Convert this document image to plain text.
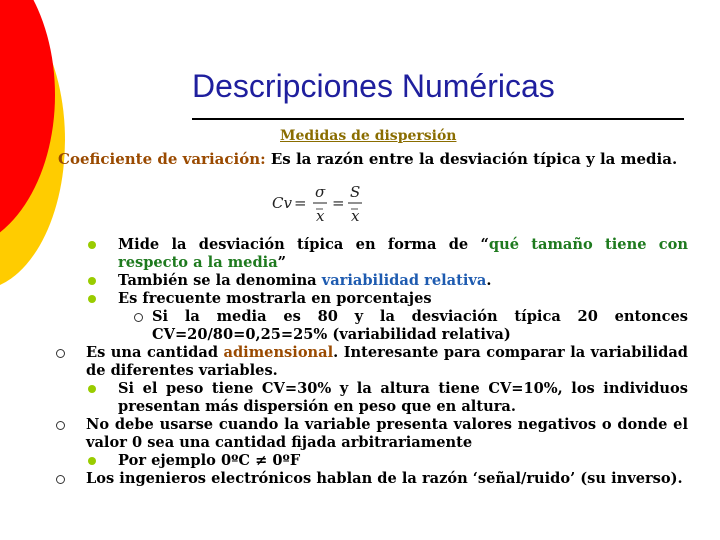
Descripciones Numéricas
Medidas de dispersión
Coeficiente de variación: Es la razón entre la desviación típica y la media.
Cv =
σ
x
=
S
x

Mide la desviación típica en forma de “qué tamaño tiene con respecto a la media”

También se la denomina variabilidad relativa.

Es frecuente mostrarla en porcentajes

Si la media es 80 y la desviación típica 20 entonces CV=20/80=0,25=25% (variabilidad relativa)

Es una cantidad adimensional. Interesante para comparar la variabilidad de diferentes variables.

Si el peso tiene CV=30% y la altura tiene CV=10%, los individuos presentan más dispersión en peso que en altura.

No debe usarse cuando la variable presenta valores negativos o donde el valor 0 sea una cantidad fijada arbitrariamente

Por ejemplo 0ºC ≠ 0ºF

Los ingenieros electrónicos hablan de la razón ‘señal/ruido’ (su inverso).
